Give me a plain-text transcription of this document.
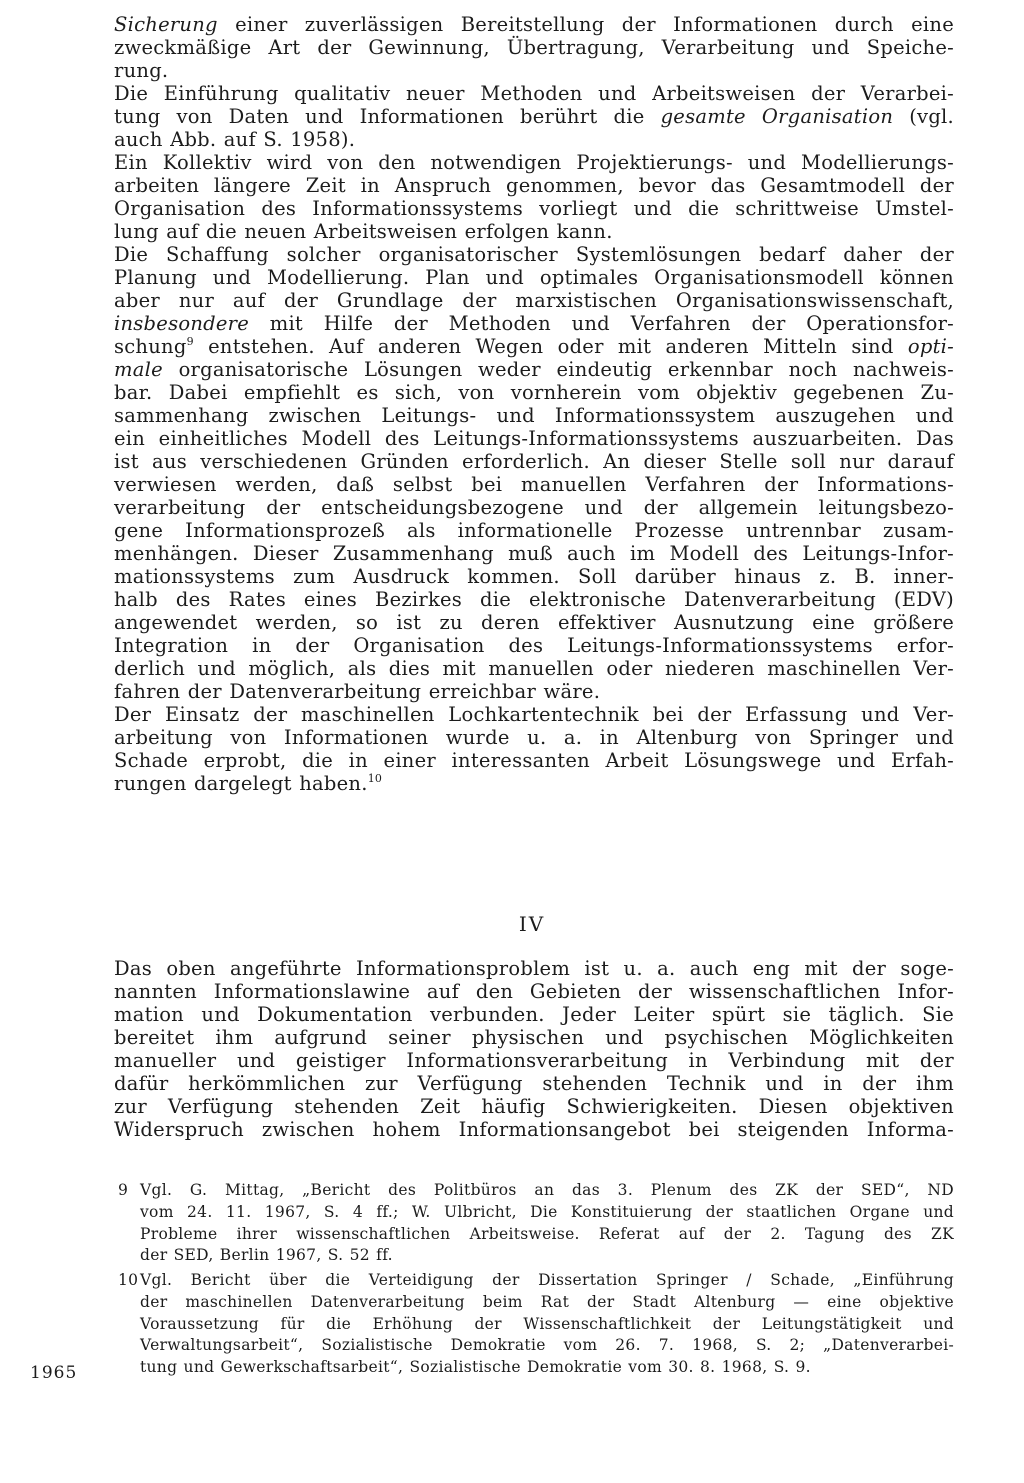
Sicherung einer zuverlässigen Bereitstellung der Informationen durch eine
zweckmäßige Art der Gewinnung, Übertragung, Verarbeitung und Speiche-
rung.
Die Einführung qualitativ neuer Methoden und Arbeitsweisen der Verarbei-
tung von Daten und Informationen berührt die gesamte Organisation (vgl.
auch Abb. auf S. 1958).
Ein Kollektiv wird von den notwendigen Projektierungs- und Modellierungs-
arbeiten längere Zeit in Anspruch genommen, bevor das Gesamtmodell der
Organisation des Informationssystems vorliegt und die schrittweise Umstel-
lung auf die neuen Arbeitsweisen erfolgen kann.
Die Schaffung solcher organisatorischer Systemlösungen bedarf daher der
Planung und Modellierung. Plan und optimales Organisationsmodell können
aber nur auf der Grundlage der marxistischen Organisationswissenschaft,
insbesondere mit Hilfe der Methoden und Verfahren der Operationsfor-
schung$^9$ entstehen. Auf anderen Wegen oder mit anderen Mitteln sind opti-
male organisatorische Lösungen weder eindeutig erkennbar noch nachweis-
bar. Dabei empfiehlt es sich, von vornherein vom objektiv gegebenen Zu-
sammenhang zwischen Leitungs- und Informationssystem auszugehen und
ein einheitliches Modell des Leitungs-Informationssystems auszuarbeiten. Das
ist aus verschiedenen Gründen erforderlich. An dieser Stelle soll nur darauf
verwiesen werden, daß selbst bei manuellen Verfahren der Informations-
verarbeitung der entscheidungsbezogene und der allgemein leitungsbezo-
gene Informationsprozeß als informationelle Prozesse untrennbar zusam-
menhängen. Dieser Zusammenhang muß auch im Modell des Leitungs-Infor-
mationssystems zum Ausdruck kommen. Soll darüber hinaus z. B. inner-
halb des Rates eines Bezirkes die elektronische Datenverarbeitung (EDV)
angewendet werden, so ist zu deren effektiver Ausnutzung eine größere
Integration in der Organisation des Leitungs-Informationssystems erfor-
derlich und möglich, als dies mit manuellen oder niederen maschinellen Ver-
fahren der Datenverarbeitung erreichbar wäre.
Der Einsatz der maschinellen Lochkartentechnik bei der Erfassung und Ver-
arbeitung von Informationen wurde u. a. in Altenburg von Springer und
Schade erprobt, die in einer interessanten Arbeit Lösungswege und Erfah-
rungen dargelegt haben.$^{10}$
IV
Das oben angeführte Informationsproblem ist u. a. auch eng mit der soge-
nannten Informationslawine auf den Gebieten der wissenschaftlichen Infor-
mation und Dokumentation verbunden. Jeder Leiter spürt sie täglich. Sie
bereitet ihm aufgrund seiner physischen und psychischen Möglichkeiten
manueller und geistiger Informationsverarbeitung in Verbindung mit der
dafür herkömmlichen zur Verfügung stehenden Technik und in der ihm
zur Verfügung stehenden Zeit häufig Schwierigkeiten. Diesen objektiven
Widerspruch zwischen hohem Informationsangebot bei steigenden Informa-
9 Vgl. G. Mittag, „Bericht des Politbüros an das 3. Plenum des ZK der SED“, ND
vom 24. 11. 1967, S. 4 ff.; W. Ulbricht, Die Konstituierung der staatlichen Organe und
Probleme ihrer wissenschaftlichen Arbeitsweise. Referat auf der 2. Tagung des ZK
der SED, Berlin 1967, S. 52 ff.
10 Vgl. Bericht über die Verteidigung der Dissertation Springer / Schade, „Einführung
der maschinellen Datenverarbeitung beim Rat der Stadt Altenburg — eine objektive
Voraussetzung für die Erhöhung der Wissenschaftlichkeit der Leitungstätigkeit und
Verwaltungsarbeit“, Sozialistische Demokratie vom 26. 7. 1968, S. 2; „Datenverarbei-
tung und Gewerkschaftsarbeit“, Sozialistische Demokratie vom 30. 8. 1968, S. 9.
1965
